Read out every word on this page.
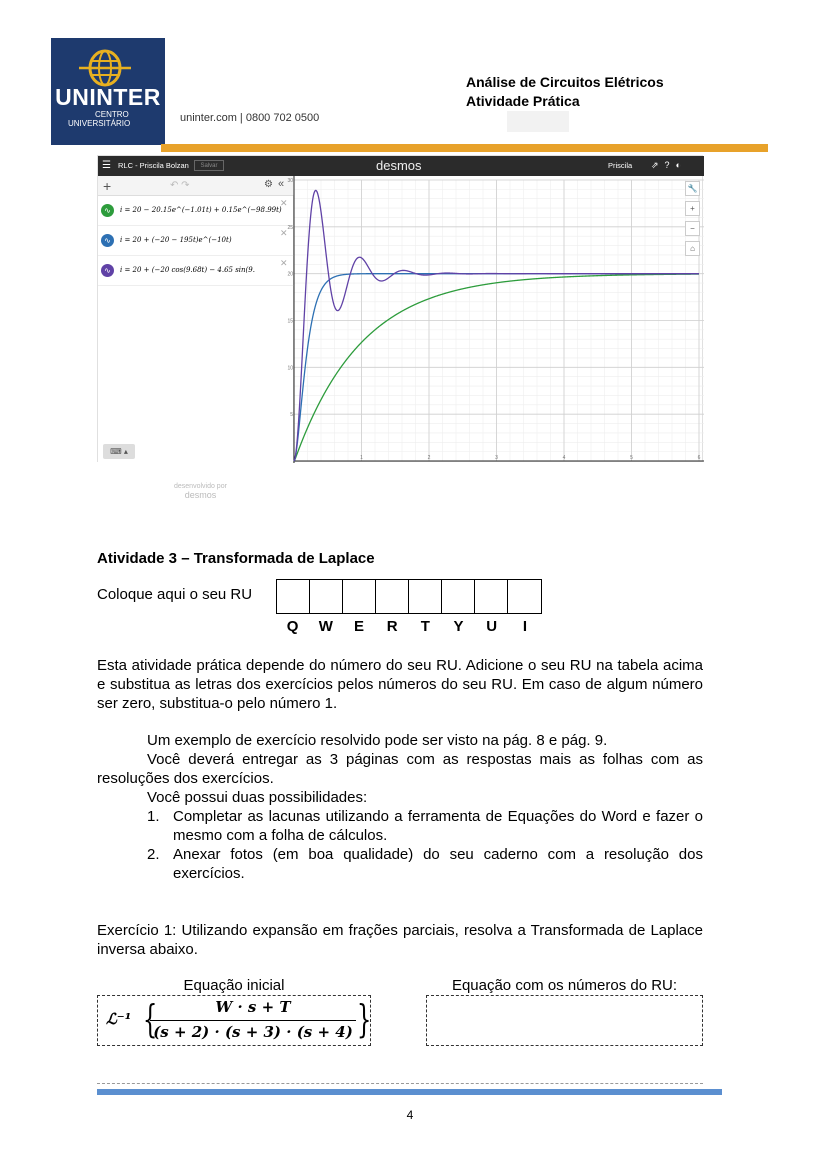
UNINTER
CENTRO
UNIVERSITÁRIO	uninter.com | 0800 702 0500
Análise de Circuitos Elétricos
Atividade Prática
☰ RLC - Priscila Bolzan	Salvar	desmos	Priscila ⇗?◐
+	↶ ↷	⚙ «
∿	i = 20 − 20.15e^(−1.01t) + 0.15e^(−98.99t)
✕
∿	i = 20 + (−20 − 195t)e^(−10t)
✕
∿	i = 20 + (−20 cos(9.68t) − 4.65 sin(9.
✕
⌨ ▴
desenvolvido por
desmos
30
25
20
15
10
5
1	2	3	4	5	6
🔧
+
−
⌂
Atividade 3 – Transformada de Laplace
Coloque aqui o seu RU
Q	W	E	R	T	Y	U	I
Esta atividade prática depende do número do seu RU. Adicione o seu RU na tabela acima e substitua as letras dos exercícios pelos números do seu RU. Em caso de algum número ser zero, substitua-o pelo número 1.
Um exemplo de exercício resolvido pode ser visto na pág. 8 e pág. 9.
Você deverá entregar as 3 páginas com as respostas mais as folhas com as resoluções dos exercícios.
Você possui duas possibilidades:
1. Completar as lacunas utilizando a ferramenta de Equações do Word e fazer o mesmo com a folha de cálculos.
2. Anexar fotos (em boa qualidade) do seu caderno com a resolução dos exercícios.
Exercício 1: Utilizando expansão em frações parciais, resolva a Transformada de Laplace inversa abaixo.
Equação inicial	Equação com os números do RU:
ℒ⁻¹ {	W · s + T
(s + 2) · (s + 3) · (s + 4) }
4
